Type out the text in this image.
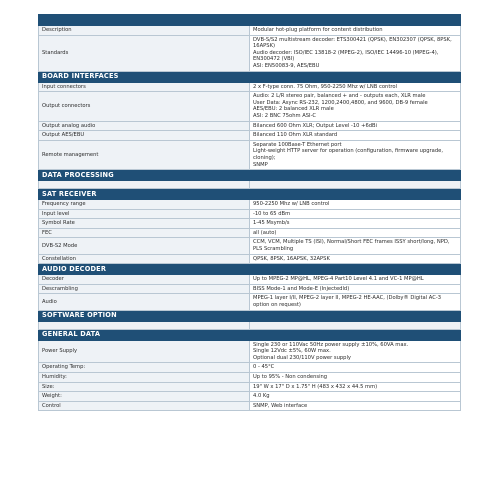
Description	Modular hot-plug platform for content distribution
Standards	DVB-S/S2 multistream decoder: ETS300421 (QPSK), EN302307 (QPSK, 8PSK, 16APSK)
Audio decoder: ISO/IEC 13818-2 (MPEG-2), ISO/IEC 14496-10 (MPEG-4), EN300472 (VBI)
ASI: EN50083-9, AES/EBU
BOARD INTERFACES	
Input connectors	2 x F-type conn. 75 Ohm, 950-2250 Mhz w/ LNB control
Output connectors	Audio: 2 L/R stereo pair, balanced + and - outputs each, XLR male
User Data: Async RS-232, 1200,2400,4800, and 9600, DB-9 female
AES/EBU: 2 balanced XLR male
ASI: 2 BNC 75ohm ASI-C
Output analog audio	Bilanced 600 Ohm XLR; Output Level -10 +6dBi
Output AES/EBU	Bilanced 110 Ohm XLR standard
Remote management	Separate 100Base-T Ethernet port
Light-weight HTTP server for operation (configuration, firmware upgrade, cloning);
SNMP
DATA PROCESSING	

SAT RECEIVER	
Frequency range	950-2250 Mhz w/ LNB control
Input level	-10 to 65 dBm
Symbol Rate	1-45 Msymb/s
FEC	all (auto)
DVB-S2 Mode	CCM, VCM, Multiple TS (ISI), Normal/Short FEC frames ISSY short/long, NPD, PLS Scrambling
Constellation	QPSK, 8PSK, 16APSK, 32APSK
AUDIO DECODER	
Decoder	Up to MPEG-2 MP@HL, MPEG-4 Part10 Level 4.1 and VC-1 MP@HL
Descrambling	BISS Mode-1 and Mode-E (Injectedld)
Audio	MPEG-1 layer I/II, MPEG-2 layer II, MPEG-2 HE-AAC, (Dolby® Digital AC-3 option on request)
SOFTWARE OPTION	

GENERAL DATA	
Power Supply	Single 230 or 110Vac 50Hz power supply ±10%, 60VA max.
Single 12Vdc ±5%, 60W max.
Optional dual 230/110V power supply
Operating Temp:	0 - 45°C
Humidity:	Up to 95% - Non condensing
Size:	19" W x 17" D x 1.75" H (483 x 432 x 44.5 mm)
Weight:	4.0 Kg
Control	SNMP, Web interface
